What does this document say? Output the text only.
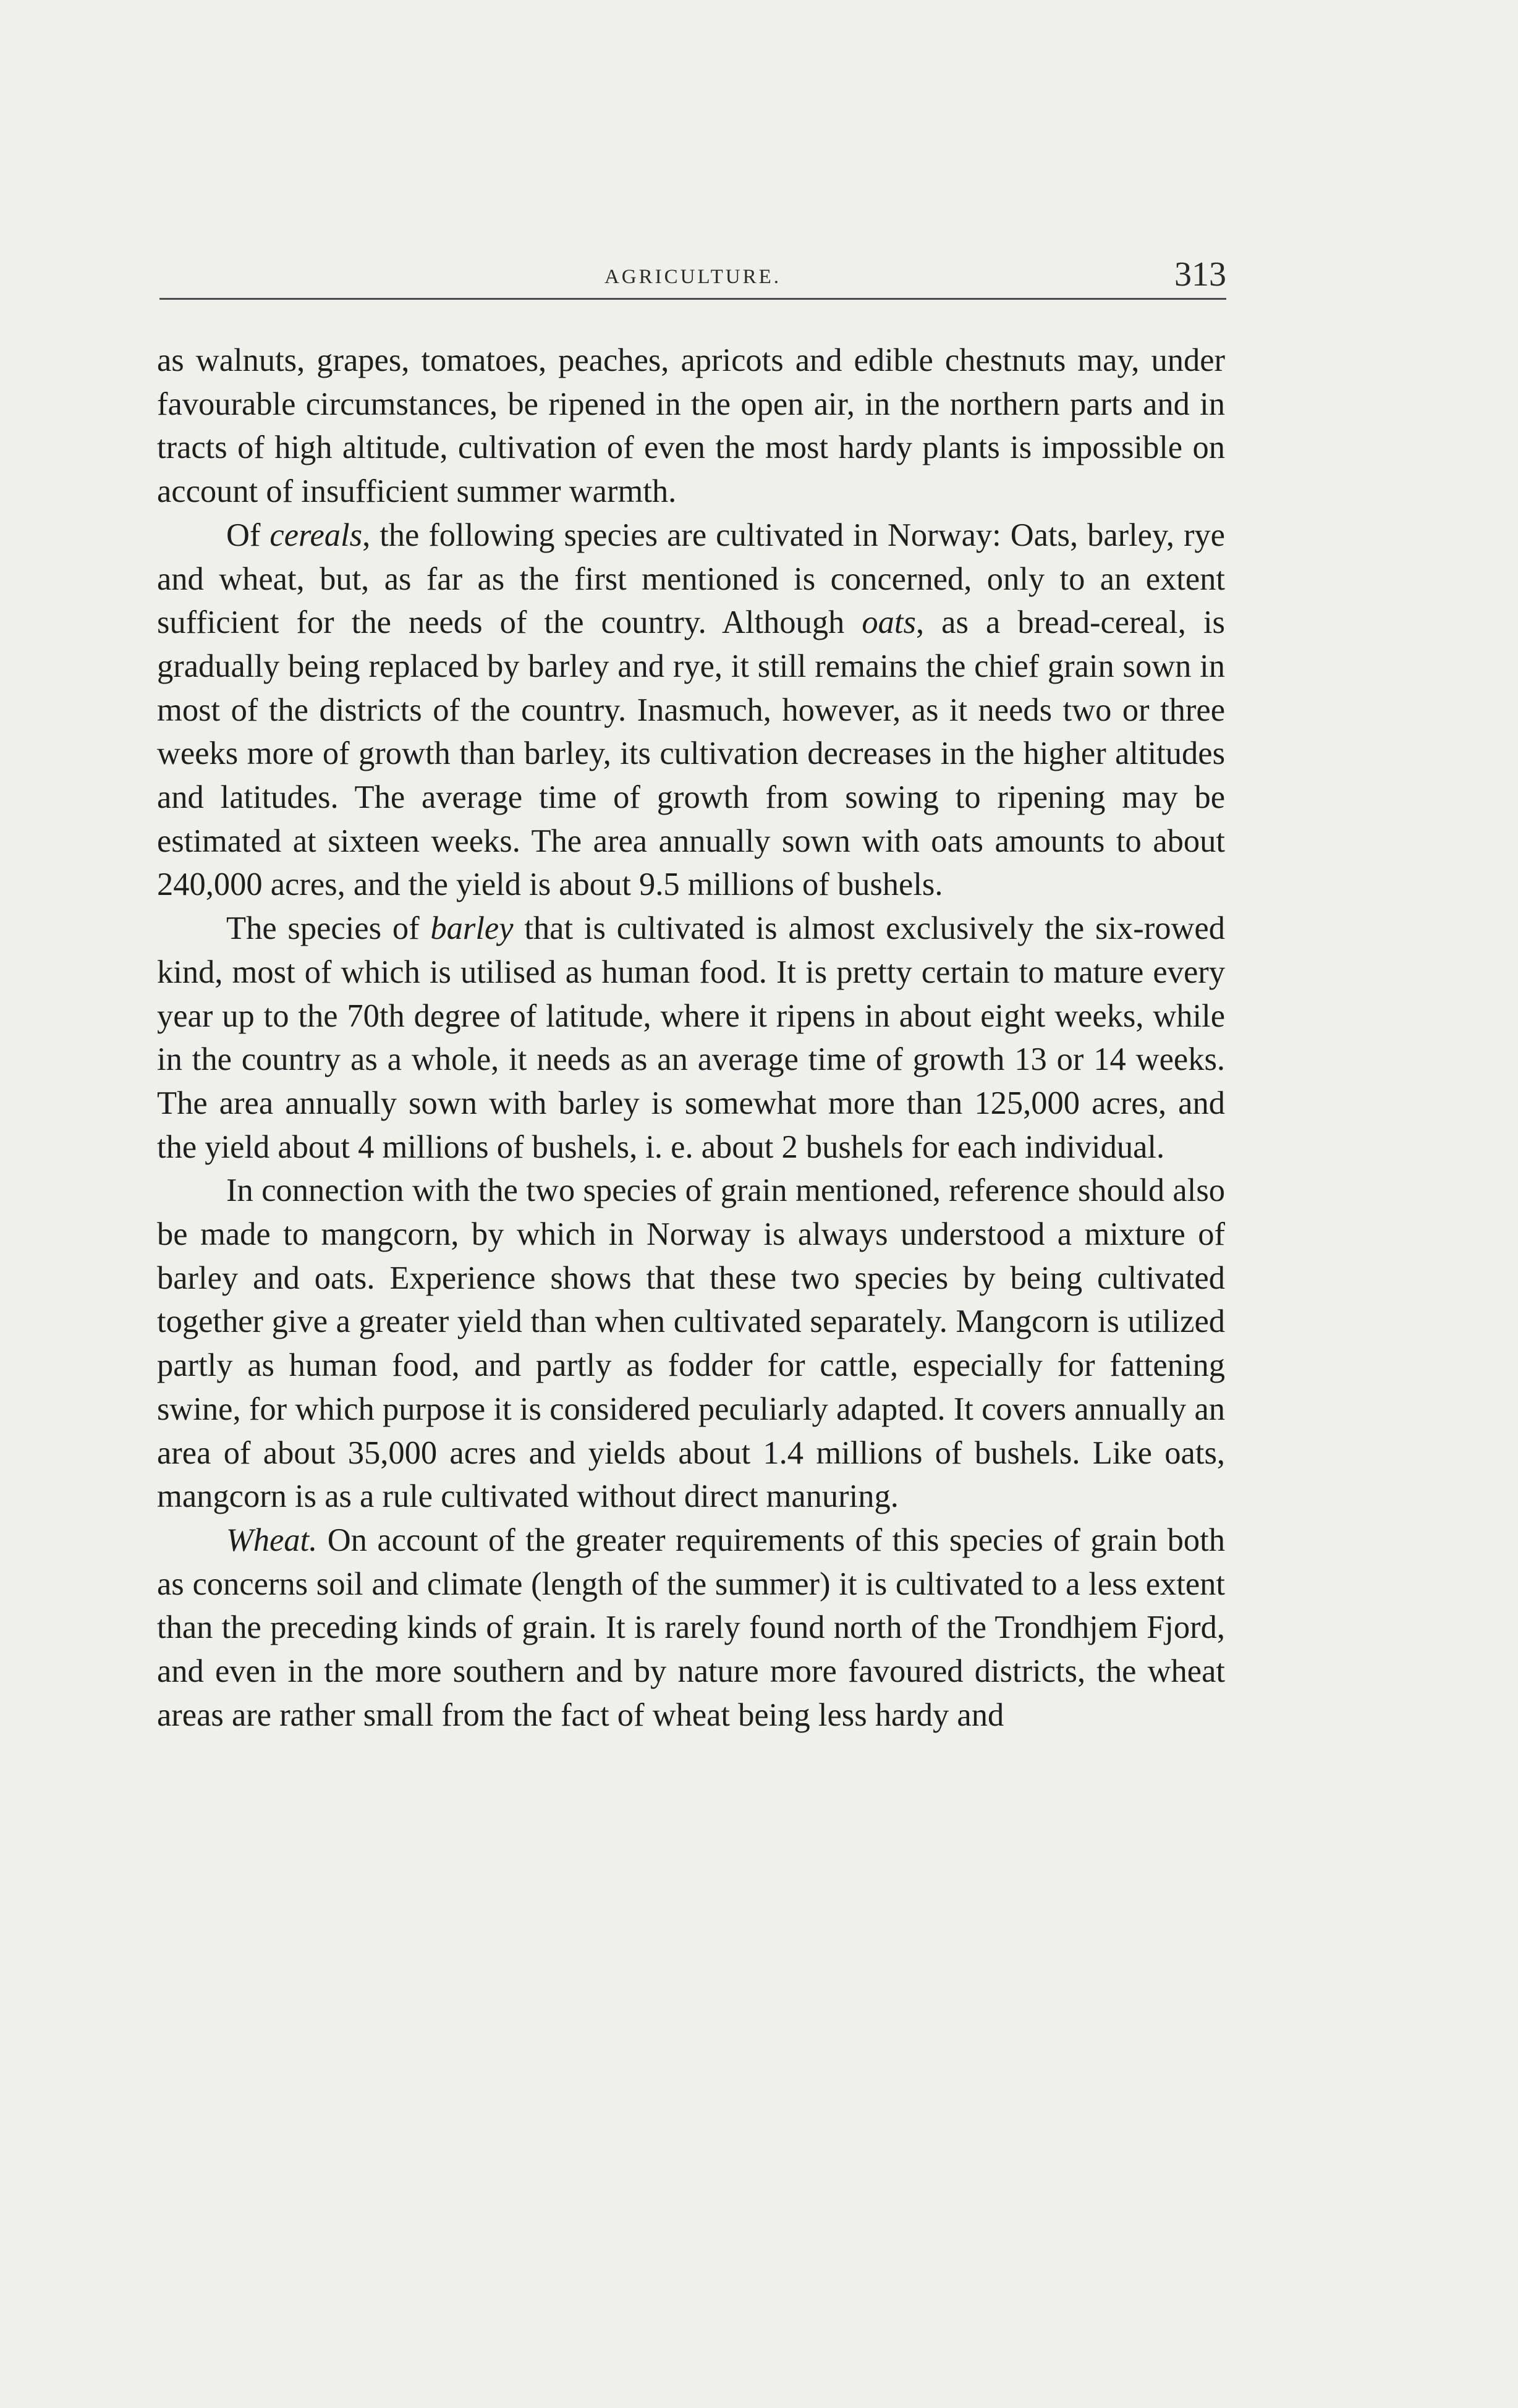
AGRICULTURE.	313

as walnuts, grapes, tomatoes, peaches, apricots and edible chestnuts may, under favourable circumstances, be ripened in the open air, in the northern parts and in tracts of high altitude, cultivation of even the most hardy plants is impossible on account of insufficient summer warmth.

Of cereals, the following species are cultivated in Norway: Oats, barley, rye and wheat, but, as far as the first mentioned is concerned, only to an extent sufficient for the needs of the country. Although oats, as a bread-cereal, is gradually being replaced by barley and rye, it still remains the chief grain sown in most of the districts of the country. Inasmuch, however, as it needs two or three weeks more of growth than barley, its cultivation decreases in the higher altitudes and latitudes. The average time of growth from sowing to ripening may be estimated at sixteen weeks. The area annually sown with oats amounts to about 240,000 acres, and the yield is about 9.5 millions of bushels.

The species of barley that is cultivated is almost exclusively the six-rowed kind, most of which is utilised as human food. It is pretty certain to mature every year up to the 70th degree of latitude, where it ripens in about eight weeks, while in the country as a whole, it needs as an average time of growth 13 or 14 weeks. The area annually sown with barley is somewhat more than 125,000 acres, and the yield about 4 millions of bushels, i. e. about 2 bushels for each individual.

In connection with the two species of grain mentioned, reference should also be made to mangcorn, by which in Norway is always understood a mixture of barley and oats. Experience shows that these two species by being cultivated together give a greater yield than when cultivated separately. Mangcorn is utilized partly as human food, and partly as fodder for cattle, especially for fattening swine, for which purpose it is considered peculiarly adapted. It covers annually an area of about 35,000 acres and yields about 1.4 millions of bushels. Like oats, mangcorn is as a rule cultivated without direct manuring.

Wheat. On account of the greater requirements of this species of grain both as concerns soil and climate (length of the summer) it is cultivated to a less extent than the preceding kinds of grain. It is rarely found north of the Trondhjem Fjord, and even in the more southern and by nature more favoured districts, the wheat areas are rather small from the fact of wheat being less hardy and
